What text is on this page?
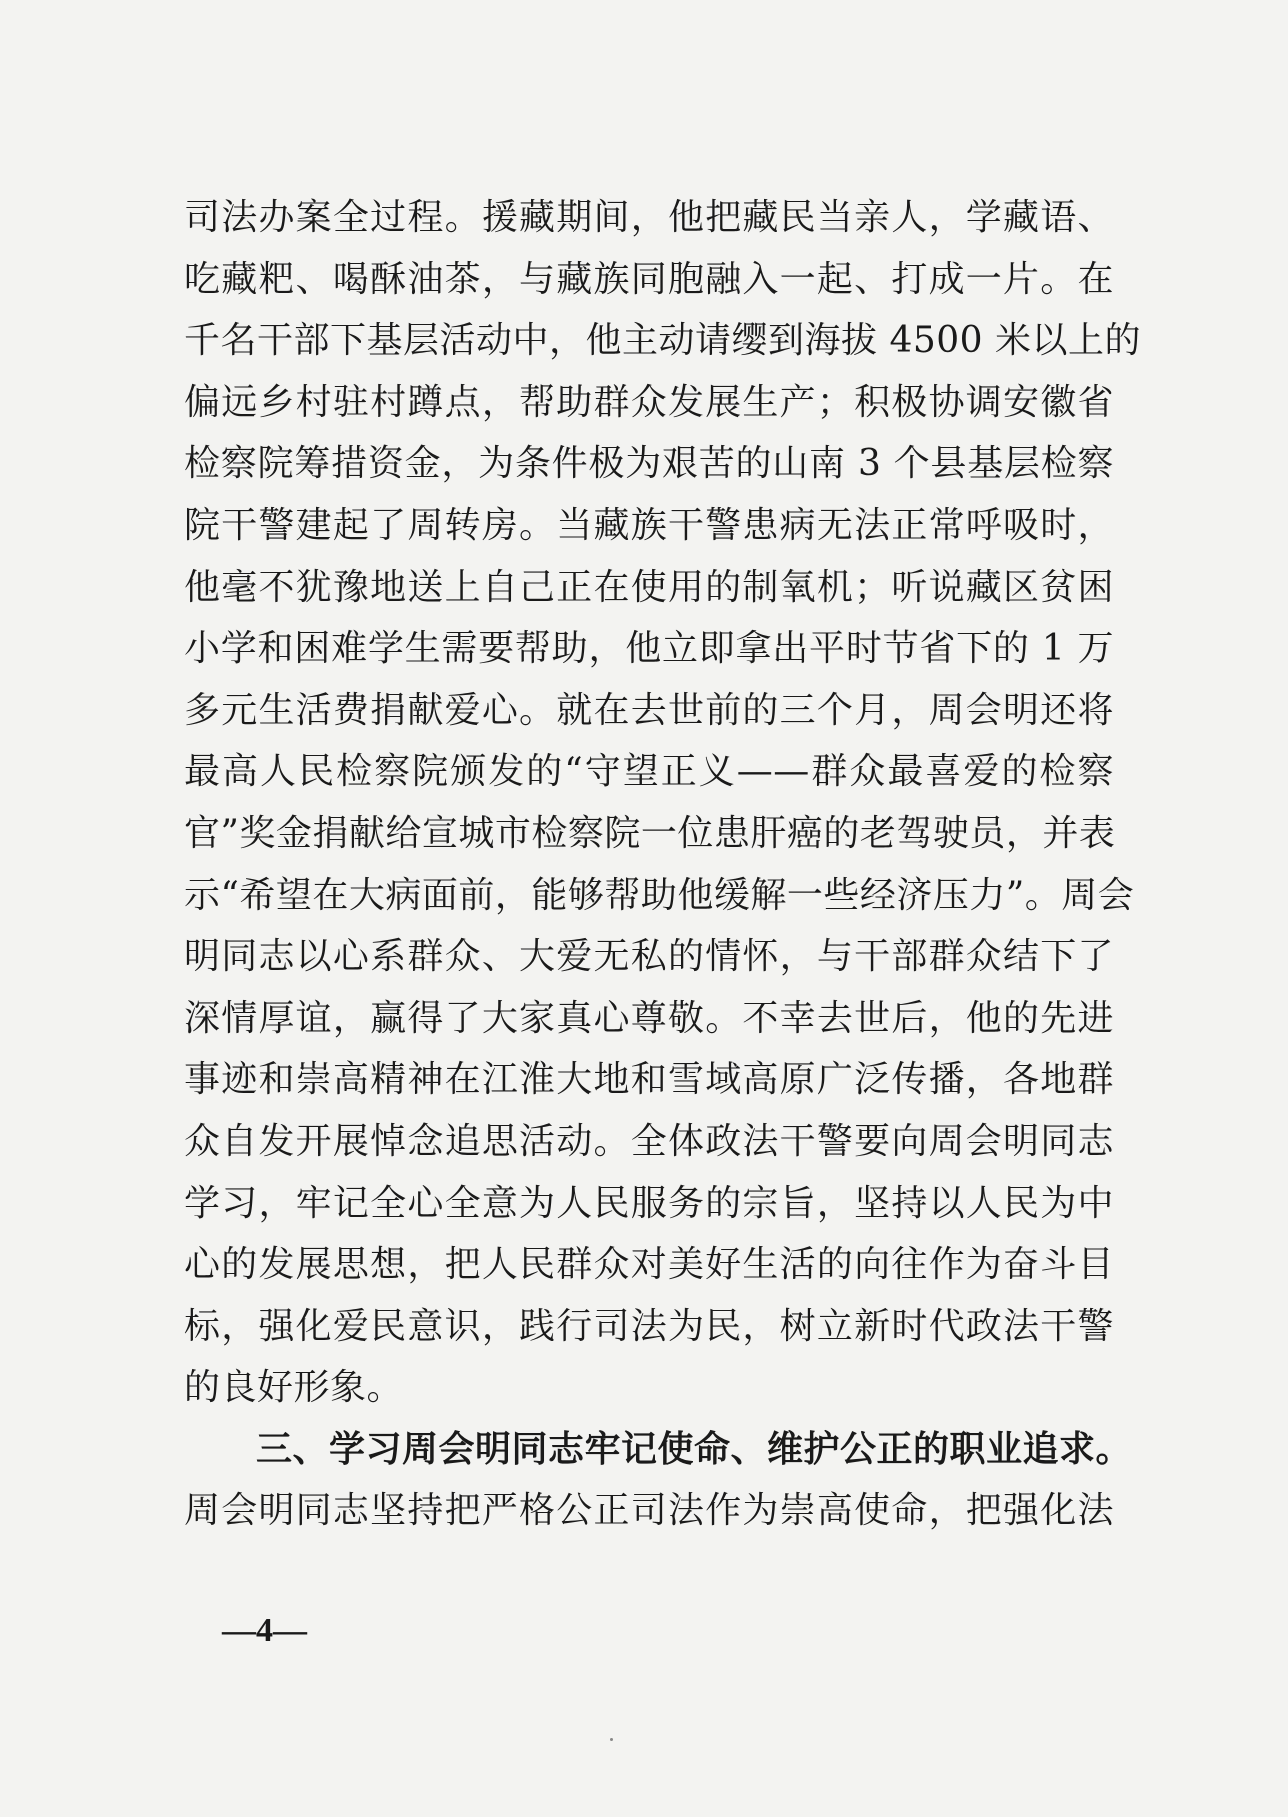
司法办案全过程。援藏期间，他把藏民当亲人，学藏语、
吃藏粑、喝酥油茶，与藏族同胞融入一起、打成一片。在
千名干部下基层活动中，他主动请缨到海拔 4500 米以上的
偏远乡村驻村蹲点，帮助群众发展生产；积极协调安徽省
检察院筹措资金，为条件极为艰苦的山南 3 个县基层检察
院干警建起了周转房。当藏族干警患病无法正常呼吸时，
他毫不犹豫地送上自己正在使用的制氧机；听说藏区贫困
小学和困难学生需要帮助，他立即拿出平时节省下的 1 万
多元生活费捐献爱心。就在去世前的三个月，周会明还将
最高人民检察院颁发的“守望正义——群众最喜爱的检察
官”奖金捐献给宣城市检察院一位患肝癌的老驾驶员，并表
示“希望在大病面前，能够帮助他缓解一些经济压力”。周会
明同志以心系群众、大爱无私的情怀，与干部群众结下了
深情厚谊，赢得了大家真心尊敬。不幸去世后，他的先进
事迹和崇高精神在江淮大地和雪域高原广泛传播，各地群
众自发开展悼念追思活动。全体政法干警要向周会明同志
学习，牢记全心全意为人民服务的宗旨，坚持以人民为中
心的发展思想，把人民群众对美好生活的向往作为奋斗目
标，强化爱民意识，践行司法为民，树立新时代政法干警
的良好形象。
三、学习周会明同志牢记使命、维护公正的职业追求。
周会明同志坚持把严格公正司法作为崇高使命，把强化法
—4—
